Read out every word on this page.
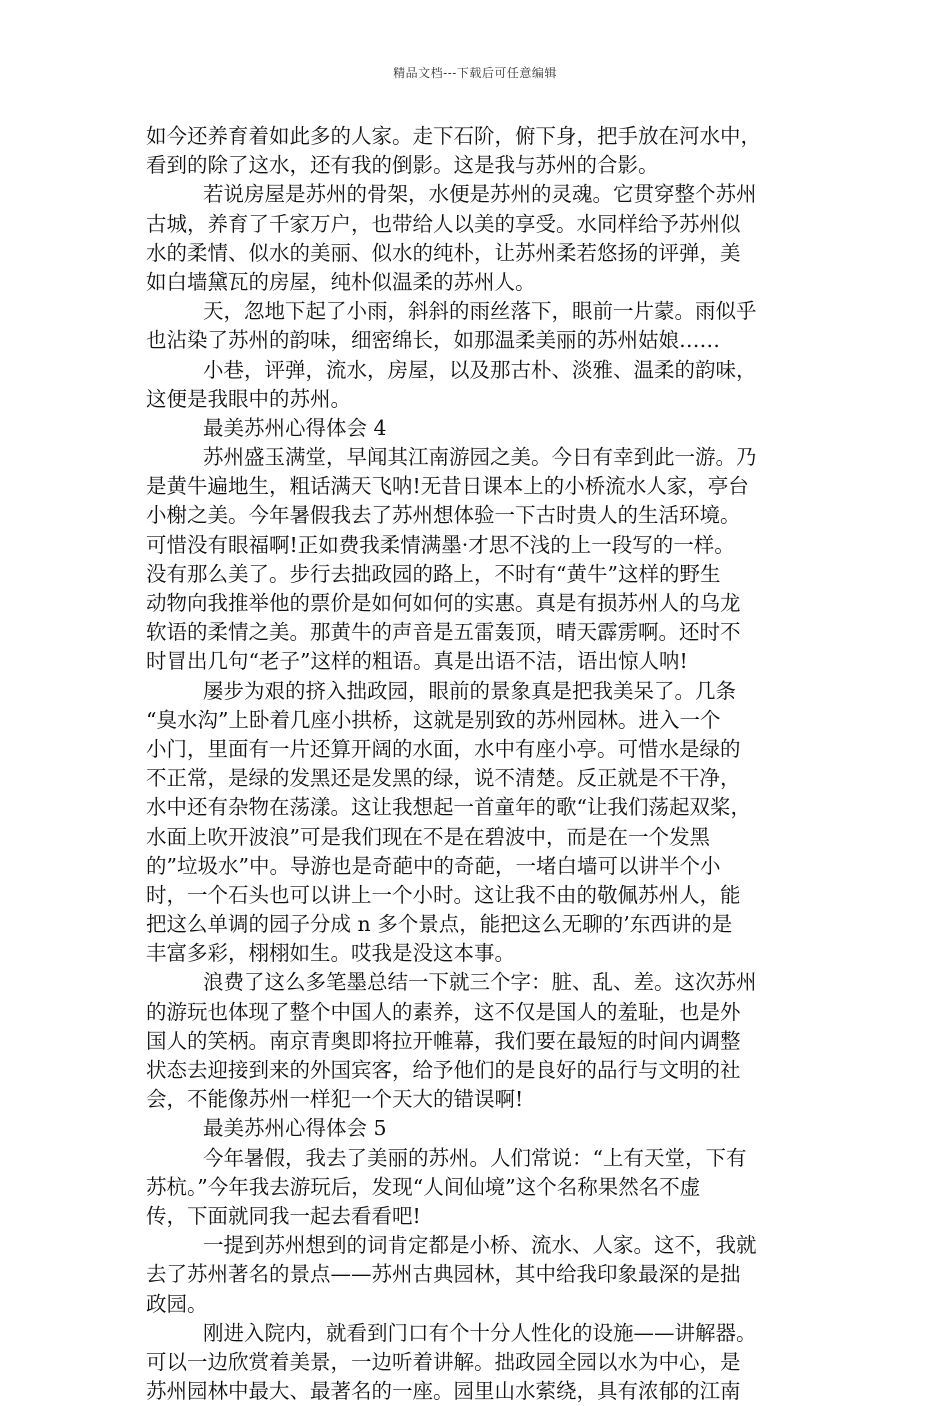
精品文档---下载后可任意编辑
如今还养育着如此多的人家。走下石阶，俯下身，把手放在河水中，
看到的除了这水，还有我的倒影。这是我与苏州的合影。
若说房屋是苏州的骨架，水便是苏州的灵魂。它贯穿整个苏州
古城，养育了千家万户，也带给人以美的享受。水同样给予苏州似
水的柔情、似水的美丽、似水的纯朴，让苏州柔若悠扬的评弹，美
如白墙黛瓦的房屋，纯朴似温柔的苏州人。
天，忽地下起了小雨，斜斜的雨丝落下，眼前一片蒙。雨似乎
也沾染了苏州的韵味，细密绵长，如那温柔美丽的苏州姑娘……
小巷，评弹，流水，房屋，以及那古朴、淡雅、温柔的韵味，
这便是我眼中的苏州。
最美苏州心得体会 4
苏州盛玉满堂，早闻其江南游园之美。今日有幸到此一游。乃
是黄牛遍地生，粗话满天飞呐!无昔日课本上的小桥流水人家，亭台
小榭之美。今年暑假我去了苏州想体验一下古时贵人的生活环境。
可惜没有眼福啊!正如费我柔情满墨·才思不浅的上一段写的一样。
没有那么美了。步行去拙政园的路上，不时有“黄牛”这样的野生
动物向我推举他的票价是如何如何的实惠。真是有损苏州人的乌龙
软语的柔情之美。那黄牛的声音是五雷轰顶，晴天霹雳啊。还时不
时冒出几句“老子”这样的粗语。真是出语不洁，语出惊人呐!
屡步为艰的挤入拙政园，眼前的景象真是把我美呆了。几条
“臭水沟”上卧着几座小拱桥，这就是别致的苏州园林。进入一个
小门，里面有一片还算开阔的水面，水中有座小亭。可惜水是绿的
不正常，是绿的发黑还是发黑的绿，说不清楚。反正就是不干净，
水中还有杂物在荡漾。这让我想起一首童年的歌“让我们荡起双桨，
水面上吹开波浪”可是我们现在不是在碧波中，而是在一个发黑
的”垃圾水”中。导游也是奇葩中的奇葩，一堵白墙可以讲半个小
时，一个石头也可以讲上一个小时。这让我不由的敬佩苏州人，能
把这么单调的园子分成 n 多个景点，能把这么无聊的’东西讲的是
丰富多彩，栩栩如生。哎我是没这本事。
浪费了这么多笔墨总结一下就三个字：脏、乱、差。这次苏州
的游玩也体现了整个中国人的素养，这不仅是国人的羞耻，也是外
国人的笑柄。南京青奥即将拉开帷幕，我们要在最短的时间内调整
状态去迎接到来的外国宾客，给予他们的是良好的品行与文明的社
会，不能像苏州一样犯一个天大的错误啊!
最美苏州心得体会 5
今年暑假，我去了美丽的苏州。人们常说：“上有天堂，下有
苏杭。”今年我去游玩后，发现“人间仙境”这个名称果然名不虚
传，下面就同我一起去看看吧!
一提到苏州想到的词肯定都是小桥、流水、人家。这不，我就
去了苏州著名的景点——苏州古典园林，其中给我印象最深的是拙
政园。
刚进入院内，就看到门口有个十分人性化的设施——讲解器。
可以一边欣赏着美景，一边听着讲解。拙政园全园以水为中心，是
苏州园林中最大、最著名的一座。园里山水萦绕，具有浓郁的江南
